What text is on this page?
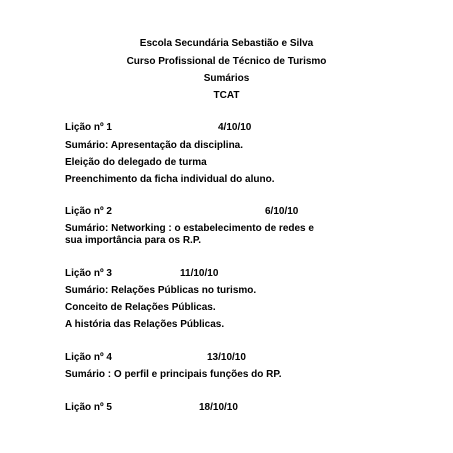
Escola Secundária Sebastião e Silva
Curso Profissional de Técnico de Turismo
Sumários
TCAT
Lição nº 1	4/10/10
Sumário: Apresentação da disciplina.
Eleição do delegado de turma
Preenchimento da ficha individual do aluno.
Lição nº 2	6/10/10
Sumário: Networking : o estabelecimento de redes e
sua importância para os R.P.
Lição nº 3	11/10/10
Sumário: Relações Públicas no turismo.
Conceito de Relações Públicas.
A história das Relações Públicas.
Lição nº 4	13/10/10
Sumário : O perfil e principais funções do RP.
Lição nº 5	18/10/10
